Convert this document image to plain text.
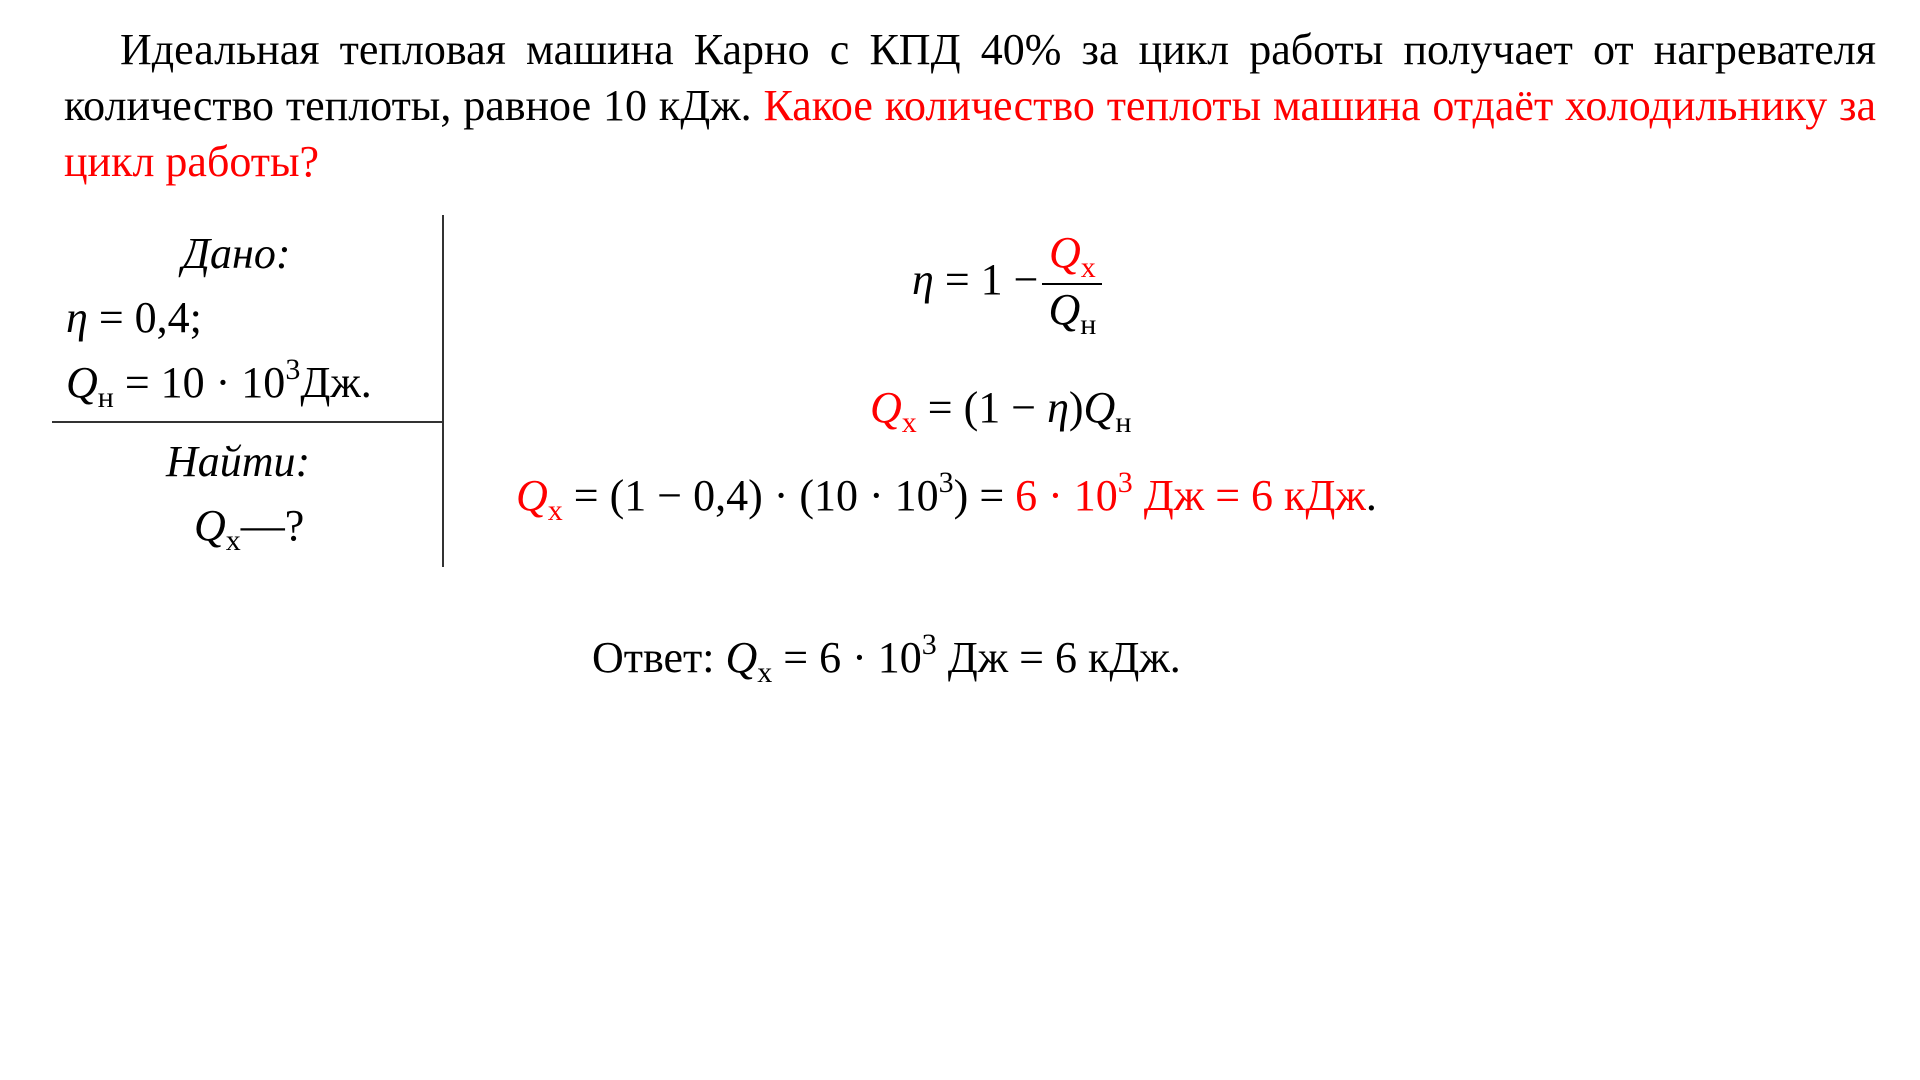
Идеальная тепловая машина Карно с КПД 40% за цикл работы получает от нагревателя количество теплоты, равное 10 кДж. Какое количество теплоты машина отдаёт холодильнику за цикл работы?
Дано:
η = 0,4;
$Q_н = 10 \cdot 10^3Дж$.
Найти:
$Q_х—$?
$\eta = 1 - \frac{Q_х}{Q_н}$
$Q_х = (1 - \eta)Q_н$
$Q_х = (1 - 0,4) \cdot (10 \cdot 10^3) = 6 \cdot 10^3$ Дж = 6 кДж.
Ответ: $Q_х = 6 \cdot 10^3$ Дж = 6 кДж.
